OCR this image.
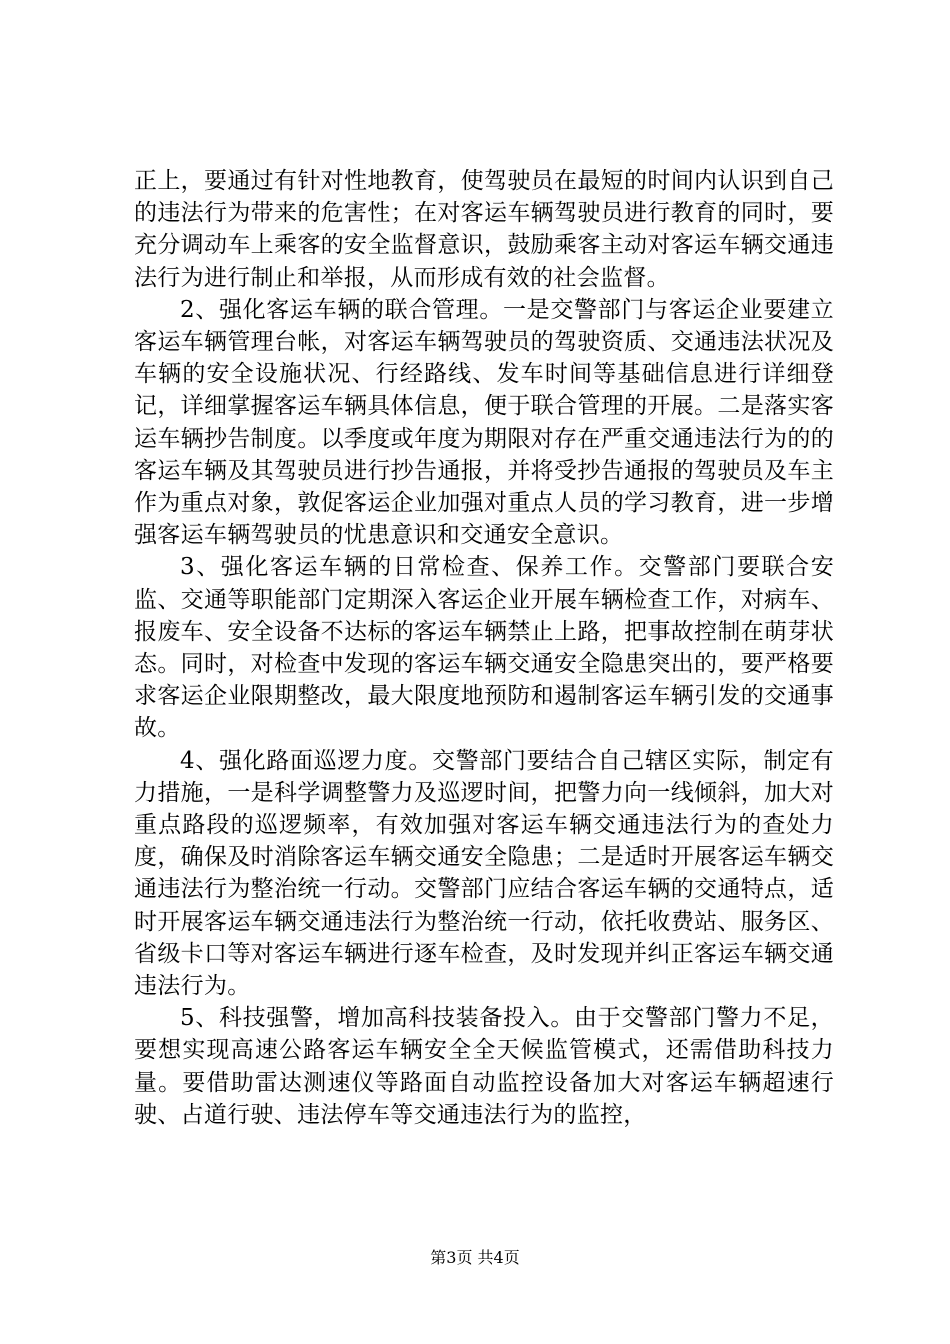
正上，要通过有针对性地教育，使驾驶员在最短的时间内认识到自己的违法行为带来的危害性；在对客运车辆驾驶员进行教育的同时，要充分调动车上乘客的安全监督意识，鼓励乘客主动对客运车辆交通违法行为进行制止和举报，从而形成有效的社会监督。

2、强化客运车辆的联合管理。一是交警部门与客运企业要建立客运车辆管理台帐，对客运车辆驾驶员的驾驶资质、交通违法状况及车辆的安全设施状况、行经路线、发车时间等基础信息进行详细登记，详细掌握客运车辆具体信息，便于联合管理的开展。二是落实客运车辆抄告制度。以季度或年度为期限对存在严重交通违法行为的的客运车辆及其驾驶员进行抄告通报，并将受抄告通报的驾驶员及车主作为重点对象，敦促客运企业加强对重点人员的学习教育，进一步增强客运车辆驾驶员的忧患意识和交通安全意识。

3、强化客运车辆的日常检查、保养工作。交警部门要联合安监、交通等职能部门定期深入客运企业开展车辆检查工作，对病车、报废车、安全设备不达标的客运车辆禁止上路，把事故控制在萌芽状态。同时，对检查中发现的客运车辆交通安全隐患突出的，要严格要求客运企业限期整改，最大限度地预防和遏制客运车辆引发的交通事故。

4、强化路面巡逻力度。交警部门要结合自己辖区实际，制定有力措施，一是科学调整警力及巡逻时间，把警力向一线倾斜，加大对重点路段的巡逻频率，有效加强对客运车辆交通违法行为的查处力度，确保及时消除客运车辆交通安全隐患；二是适时开展客运车辆交通违法行为整治统一行动。交警部门应结合客运车辆的交通特点，适时开展客运车辆交通违法行为整治统一行动，依托收费站、服务区、省级卡口等对客运车辆进行逐车检查，及时发现并纠正客运车辆交通违法行为。

5、科技强警，增加高科技装备投入。由于交警部门警力不足，要想实现高速公路客运车辆安全全天候监管模式，还需借助科技力量。要借助雷达测速仪等路面自动监控设备加大对客运车辆超速行驶、占道行驶、违法停车等交通违法行为的监控，

第3页 共4页
